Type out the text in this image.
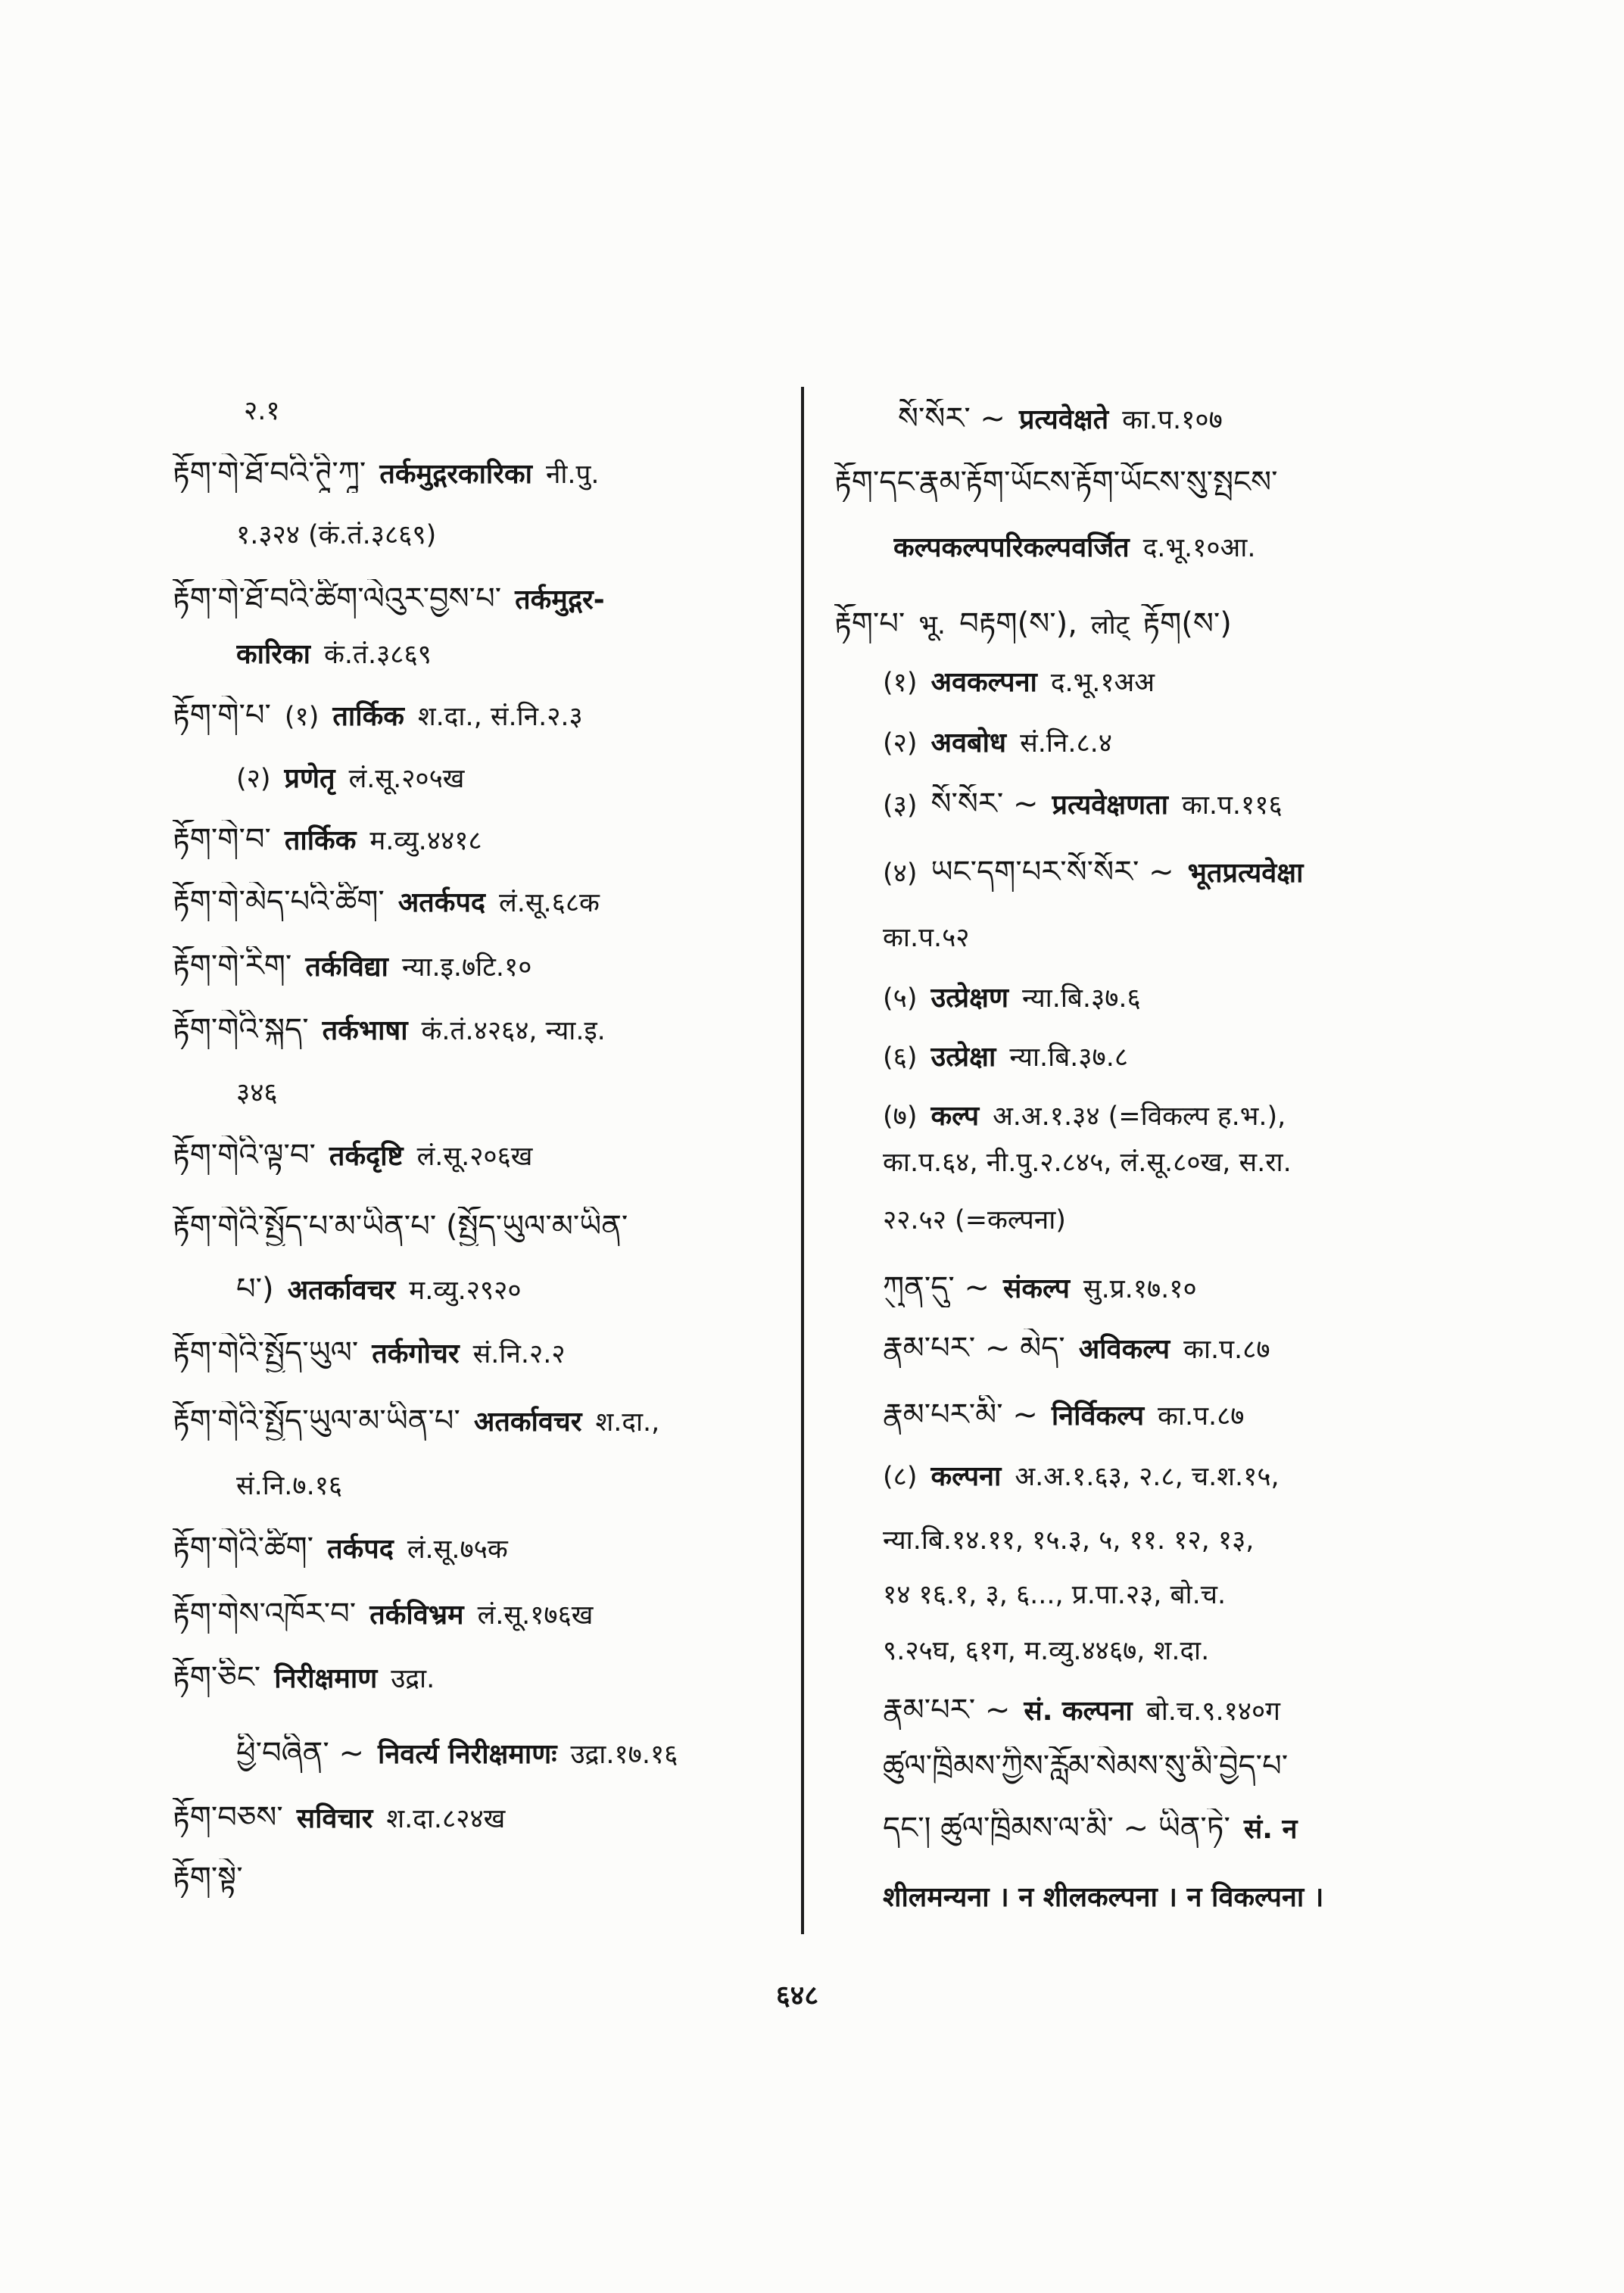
२.१
རྟོག་གེ་ཐོ་བའི་ཊཱི་ཀཱ་ तर्कमुद्गरकारिका नी.पु.
१.३२४ (कं.तं.३८६९)
རྟོག་གེ་ཐོ་བའི་ཚིག་ལེའུར་བྱས་པ་ तर्कमुद्गर-
कारिका कं.तं.३८६९
རྟོག་གེ་པ་ (१) तार्किक श.दा., सं.नि.२.३
(२) प्रणेतृ लं.सू.२०५ख
རྟོག་གེ་བ་ तार्किक म.व्यु.४४१८
རྟོག་གེ་མེད་པའི་ཚིག་ अतर्कपद लं.सू.६८क
རྟོག་གེ་རིག་ तर्कविद्या न्या.इ.७टि.१०
རྟོག་གེའི་སྐད་ तर्कभाषा कं.तं.४२६४, न्या.इ.
३४६
རྟོག་གེའི་ལྟ་བ་ तर्कदृष्टि लं.सू.२०६ख
རྟོག་གེའི་སྤྱོད་པ་མ་ཡིན་པ་ (སྤྱོད་ཡུལ་མ་ཡིན་
པ་) अतर्कावचर म.व्यु.२९२०
རྟོག་གེའི་སྤྱོད་ཡུལ་ तर्कगोचर सं.नि.२.२
རྟོག་གེའི་སྤྱོད་ཡུལ་མ་ཡིན་པ་ अतर्कावचर श.दा.,
सं.नि.७.१६
རྟོག་གེའི་ཚིག་ तर्कपद लं.सू.७५क
རྟོག་གེས་འཁོར་བ་ तर्कविभ्रम लं.सू.१७६ख
རྟོག་ཅིང་ निरीक्षमाण उद्रा.
ཕྱི་བཞིན་ ~ निवर्त्य निरीक्षमाणः उद्रा.१७.१६
རྟོག་བཅས་ सविचार श.दा.८२४ख
རྟོག་སྟེ་
སོ་སོར་ ~ प्रत्यवेक्षते का.प.१०७
རྟོག་དང་རྣམ་རྟོག་ཡོངས་རྟོག་ཡོངས་སུ་སྤངས་
कल्पकल्पपरिकल्पवर्जित द.भू.१०आ.
རྟོག་པ་ भू. བརྟག(ས་), लोट् རྟོག(ས་)
(१) अवकल्पना द.भू.१अअ
(२) अवबोध सं.नि.८.४
(३) སོ་སོར་ ~ प्रत्यवेक्षणता का.प.११६
(४) ཡང་དག་པར་སོ་སོར་ ~ भूतप्रत्यवेक्षा
का.प.५२
(५) उत्प्रेक्षण न्या.बि.३७.६
(६) उत्प्रेक्षा न्या.बि.३७.८
(७) कल्प अ.अ.१.३४ (=विकल्प ह.भ.),
का.प.६४, नी.पु.२.८४५, लं.सू.८०ख, स.रा.
२२.५२ (=कल्पना)
ཀུན་དུ་ ~ संकल्प सु.प्र.१७.१०
རྣམ་པར་ ~ མེད་ अविकल्प का.प.८७
རྣམ་པར་མི་ ~ निर्विकल्प का.प.८७
(८) कल्पना अ.अ.१.६३, २.८, च.श.१५,
न्या.बि.१४.११, १५.३, ५, ११. १२, १३,
१४ १६.१, ३, ६..., प्र.पा.२३, बो.च.
९.२५घ, ६१ग, म.व्यु.४४६७, श.दा.
རྣམ་པར་ ~ सं. कल्पना बो.च.९.१४०ग
ཚུལ་ཁྲིམས་ཀྱིས་རློམ་སེམས་སུ་མི་བྱེད་པ་
དང་། ཚུལ་ཁྲིམས་ལ་མི་ ~ ཡིན་ཏེ་ सं. न
शीलमन्यना । न शीलकल्पना । न विकल्पना ।
६४८
